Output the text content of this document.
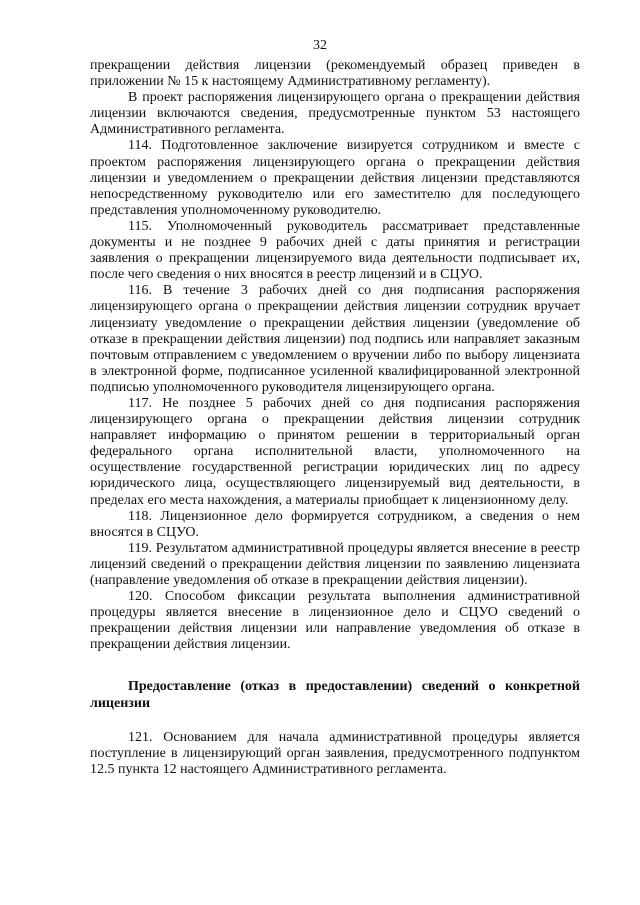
32

прекращении действия лицензии (рекомендуемый образец приведен в приложении № 15 к настоящему Административному регламенту).

В проект распоряжения лицензирующего органа о прекращении действия лицензии включаются сведения, предусмотренные пунктом 53 настоящего Административного регламента.

114. Подготовленное заключение визируется сотрудником и вместе с проектом распоряжения лицензирующего органа о прекращении действия лицензии и уведомлением о прекращении действия лицензии представляются непосредственному руководителю или его заместителю для последующего представления уполномоченному руководителю.

115. Уполномоченный руководитель рассматривает представленные документы и не позднее 9 рабочих дней с даты принятия и регистрации заявления о прекращении лицензируемого вида деятельности подписывает их, после чего сведения о них вносятся в реестр лицензий и в СЦУО.

116. В течение 3 рабочих дней со дня подписания распоряжения лицензирующего органа о прекращении действия лицензии сотрудник вручает лицензиату уведомление о прекращении действия лицензии (уведомление об отказе в прекращении действия лицензии) под подпись или направляет заказным почтовым отправлением с уведомлением о вручении либо по выбору лицензиата в электронной форме, подписанное усиленной квалифицированной электронной подписью уполномоченного руководителя лицензирующего органа.

117. Не позднее 5 рабочих дней со дня подписания распоряжения лицензирующего органа о прекращении действия лицензии сотрудник направляет информацию о принятом решении в территориальный орган федерального органа исполнительной власти, уполномоченного на осуществление государственной регистрации юридических лиц по адресу юридического лица, осуществляющего лицензируемый вид деятельности, в пределах его места нахождения, а материалы приобщает к лицензионному делу.

118. Лицензионное дело формируется сотрудником, а сведения о нем вносятся в СЦУО.

119. Результатом административной процедуры является внесение в реестр лицензий сведений о прекращении действия лицензии по заявлению лицензиата (направление уведомления об отказе в прекращении действия лицензии).

120. Способом фиксации результата выполнения административной процедуры является внесение в лицензионное дело и СЦУО сведений о прекращении действия лицензии или направление уведомления об отказе в прекращении действия лицензии.

Предоставление (отказ в предоставлении) сведений о конкретной лицензии

121. Основанием для начала административной процедуры является поступление в лицензирующий орган заявления, предусмотренного подпунктом 12.5 пункта 12 настоящего Административного регламента.
